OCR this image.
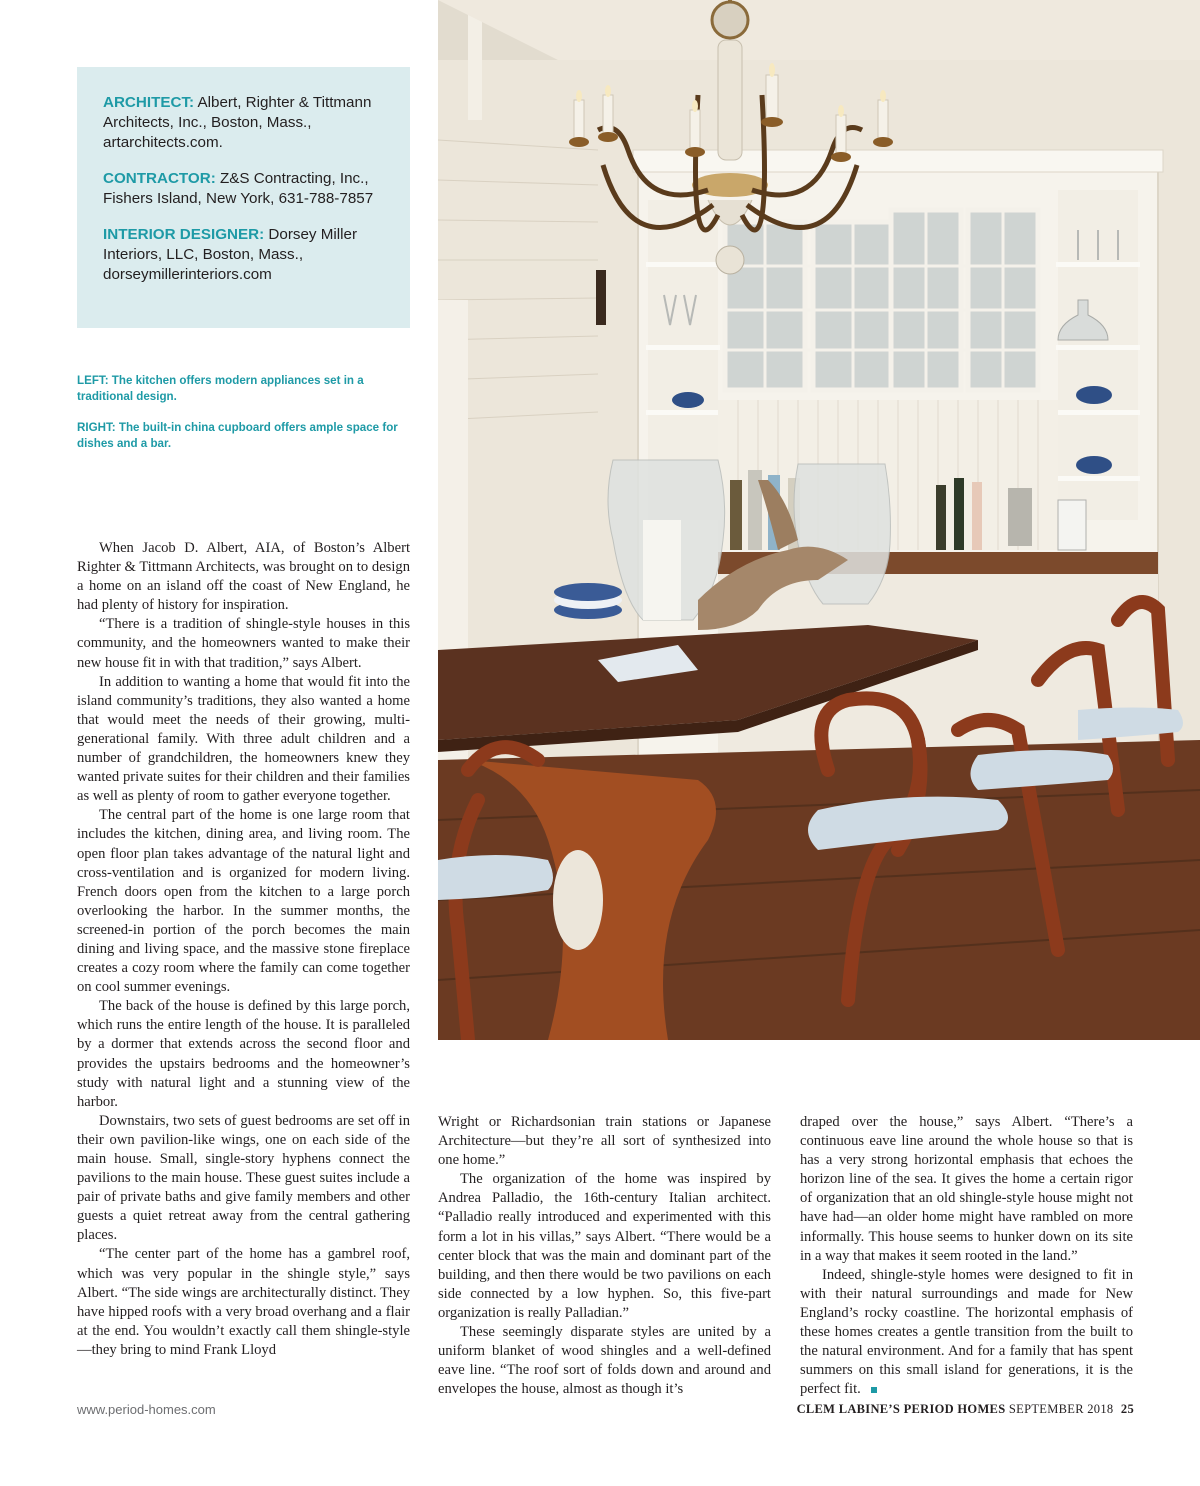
ARCHITECT: Albert, Righter & Tittmann Architects, Inc., Boston, Mass., artarchitects.com.
CONTRACTOR: Z&S Contracting, Inc., Fishers Island, New York, 631-788-7857
INTERIOR DESIGNER: Dorsey Miller Interiors, LLC, Boston, Mass., dorseymillerinteriors.com

LEFT: The kitchen offers modern appliances set in a traditional design.

RIGHT: The built-in china cupboard offers ample space for dishes and a bar.

When Jacob D. Albert, AIA, of Boston’s Albert Righter & Tittmann Architects, was brought on to design a home on an island off the coast of New England, he had plenty of history for inspiration.

“There is a tradition of shingle-style houses in this community, and the homeowners wanted to make their new house fit in with that tradition,” says Albert.

In addition to wanting a home that would fit into the island community’s traditions, they also wanted a home that would meet the needs of their growing, multi-generational family. With three adult children and a number of grandchildren, the homeowners knew they wanted private suites for their children and their families as well as plenty of room to gather everyone together.

The central part of the home is one large room that includes the kitchen, dining area, and living room. The open floor plan takes advantage of the natural light and cross-ventilation and is organized for modern living. French doors open from the kitchen to a large porch overlooking the harbor. In the summer months, the screened-in portion of the porch becomes the main dining and living space, and the massive stone fireplace creates a cozy room where the family can come together on cool summer evenings.

The back of the house is defined by this large porch, which runs the entire length of the house. It is paralleled by a dormer that extends across the second floor and provides the upstairs bedrooms and the homeowner’s study with natural light and a stunning view of the harbor.

Downstairs, two sets of guest bedrooms are set off in their own pavilion-like wings, one on each side of the main house. Small, single-story hyphens connect the pavilions to the main house. These guest suites include a pair of private baths and give family members and other guests a quiet retreat away from the central gathering places.

“The center part of the home has a gambrel roof, which was very popular in the shingle style,” says Albert. “The side wings are architecturally distinct. They have hipped roofs with a very broad overhang and a flair at the end. You wouldn’t exactly call them shingle-style—they bring to mind Frank Lloyd

Wright or Richardsonian train stations or Japanese Architecture—but they’re all sort of synthesized into one home.”

The organization of the home was inspired by Andrea Palladio, the 16th-century Italian architect. “Palladio really introduced and experimented with this form a lot in his villas,” says Albert. “There would be a center block that was the main and dominant part of the building, and then there would be two pavilions on each side connected by a low hyphen. So, this five-part organization is really Palladian.”

These seemingly disparate styles are united by a uniform blanket of wood shingles and a well-defined eave line. “The roof sort of folds down and around and envelopes the house, almost as though it’s

draped over the house,” says Albert. “There’s a continuous eave line around the whole house so that is has a very strong horizontal emphasis that echoes the horizon line of the sea. It gives the home a certain rigor of organization that an old shingle-style house might not have had—an older home might have rambled on more informally. This house seems to hunker down on its site in a way that makes it seem rooted in the land.”

Indeed, shingle-style homes were designed to fit in with their natural surroundings and made for New England’s rocky coastline. The horizontal emphasis of these homes creates a gentle transition from the built to the natural environment. And for a family that has spent summers on this small island for generations, it is the perfect fit.

www.period-homes.com	CLEM LABINE’S PERIOD HOMES SEPTEMBER 2018 25
